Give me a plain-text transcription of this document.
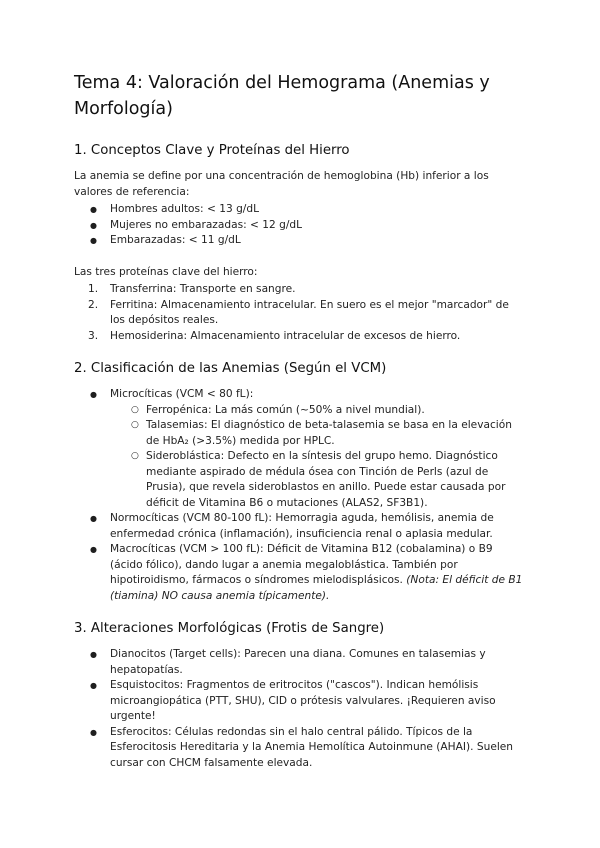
Tema 4: Valoración del Hemograma (Anemias y Morfología)
1. Conceptos Clave y Proteínas del Hierro

La anemia se define por una concentración de hemoglobina (Hb) inferior a los valores de referencia:

● Hombres adultos: < 13 g/dL
● Mujeres no embarazadas: < 12 g/dL
● Embarazadas: < 11 g/dL

Las tres proteínas clave del hierro:

1. Transferrina: Transporte en sangre.
2. Ferritina: Almacenamiento intracelular. En suero es el mejor "marcador" de los depósitos reales.
3. Hemosiderina: Almacenamiento intracelular de excesos de hierro.
2. Clasificación de las Anemias (Según el VCM)
● Microcíticas (VCM < 80 fL):
○ Ferropénica: La más común (~50% a nivel mundial).
○ Talasemias: El diagnóstico de beta-talasemia se basa en la elevación de HbA₂ (>3.5%) medida por HPLC.
○ Sideroblástica: Defecto en la síntesis del grupo hemo. Diagnóstico mediante aspirado de médula ósea con Tinción de Perls (azul de Prusia), que revela sideroblastos en anillo. Puede estar causada por déficit de Vitamina B6 o mutaciones (ALAS2, SF3B1).
● Normocíticas (VCM 80-100 fL): Hemorragia aguda, hemólisis, anemia de enfermedad crónica (inflamación), insuficiencia renal o aplasia medular.
● Macrocíticas (VCM > 100 fL): Déficit de Vitamina B12 (cobalamina) o B9 (ácido fólico), dando lugar a anemia megaloblástica. También por hipotiroidismo, fármacos o síndromes mielodisplásicos. (Nota: El déficit de B1 (tiamina) NO causa anemia típicamente).
3. Alteraciones Morfológicas (Frotis de Sangre)
● Dianocitos (Target cells): Parecen una diana. Comunes en talasemias y hepatopatías.
● Esquistocitos: Fragmentos de eritrocitos ("cascos"). Indican hemólisis microangiopática (PTT, SHU), CID o prótesis valvulares. ¡Requieren aviso urgente!
● Esferocitos: Células redondas sin el halo central pálido. Típicos de la Esferocitosis Hereditaria y la Anemia Hemolítica Autoinmune (AHAI). Suelen cursar con CHCM falsamente elevada.
